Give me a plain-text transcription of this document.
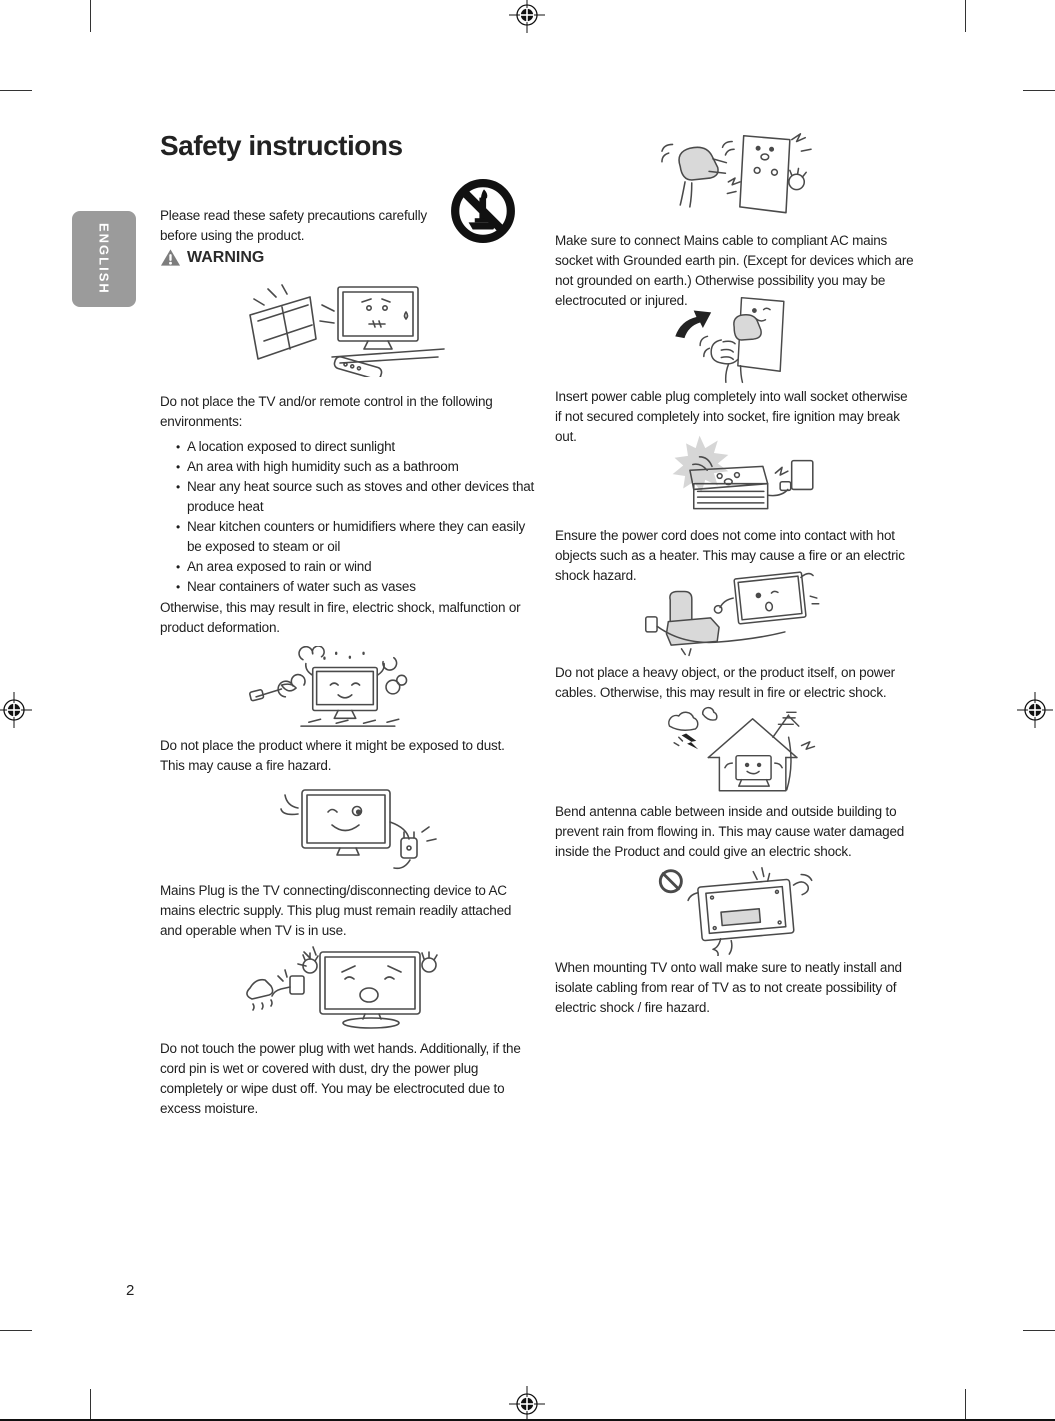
ENGLISH
Safety instructions
Please read these safety precautions carefully before using the product.
WARNING
Do not place the TV and/or remote control in the following environments:
• A location exposed to direct sunlight
• An area with high humidity such as a bathroom
• Near any heat source such as stoves and other devices that produce heat
• Near kitchen counters or humidifiers where they can easily be exposed to steam or oil
• An area exposed to rain or wind
• Near containers of water such as vases
Otherwise, this may result in fire, electric shock, malfunction or product deformation.
Do not place the product where it might be exposed to dust. This may cause a fire hazard.
Mains Plug is the TV connecting/disconnecting device to AC mains electric supply. This plug must remain readily attached and operable when TV is in use.
Do not touch the power plug with wet hands. Additionally, if the cord pin is wet or covered with dust, dry the power plug completely or wipe dust off. You may be electrocuted due to excess moisture.
Make sure to connect Mains cable to compliant AC mains socket with Grounded earth pin. (Except for devices which are not grounded on earth.) Otherwise possibility you may be electrocuted or injured.
Insert power cable plug completely into wall socket otherwise if not secured completely into socket, fire ignition may break out.
Ensure the power cord does not come into contact with hot objects such as a heater. This may cause a fire or an electric shock hazard.
Do not place a heavy object, or the product itself, on power cables. Otherwise, this may result in fire or electric shock.
Bend antenna cable between inside and outside building to prevent rain from flowing in. This may cause water damaged inside the Product and could give an electric shock.
When mounting TV onto wall make sure to neatly install and isolate cabling from rear of TV as to not create possibility of electric shock / fire hazard.
2
